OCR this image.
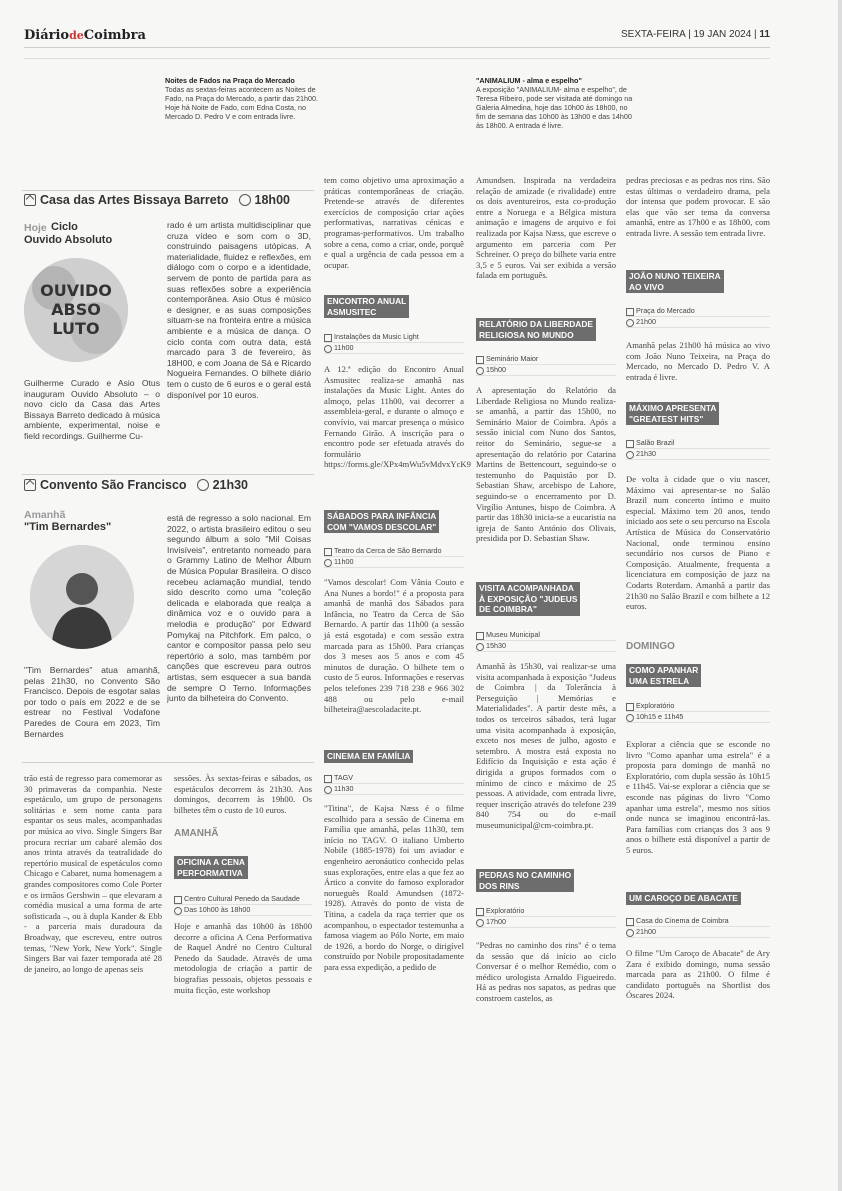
DiáriodeCoimbra	SEXTA-FEIRA | 19 JAN 2024 | 11
Noites de Fados na Praça do Mercado
Todas as sextas-feiras acontecem as Noites de Fado, na Praça do Mercado, a partir das 21h00. Hoje há Noite de Fado, com Edna Costa, no Mercado D. Pedro V e com entrada livre.
"ANIMALIUM - alma e espelho"
A exposição "ANIMALIUM- alma e espelho", de Teresa Ribeiro, pode ser visitada até domingo na Galeria Almedina, hoje das 10h00 às 18h00, no fim de semana das 10h00 às 13h00 e das 14h00 às 18h00. A entrada é livre.
Casa das Artes Bissaya Barreto 18h00
Hoje Ciclo
Ouvido Absoluto
OUVIDO
ABSO
LUTO
Guilherme Curado e Asio Otus inauguram Ouvido Absoluto – o novo ciclo da Casa das Artes Bissaya Barreto dedicado à música ambiente, experimental, noise e field recordings. Guilherme Cu-
rado é um artista multidisciplinar que cruza vídeo e som com o 3D, construindo paisagens utópicas. A materialidade, fluidez e reflexões, em diálogo com o corpo e a identidade, servem de ponto de partida para as suas reflexões sobre a experiência contemporânea. Asio Otus é músico e designer, e as suas composições situam-se na fronteira entre a música ambiente e a música de dança. O ciclo conta com outra data, está marcado para 3 de fevereiro, às 18H00, e com Joana de Sá e Ricardo Nogueira Fernandes. O bilhete diário tem o custo de 6 euros e o geral está disponível por 10 euros.
Convento São Francisco 21h30
Amanhã
"Tim Bernardes"
"Tim Bernardes" atua amanhã, pelas 21h30, no Convento São Francisco. Depois de esgotar salas por todo o país em 2022 e de se estrear no Festival Vodafone Paredes de Coura em 2023, Tim Bernardes
está de regresso a solo nacional. Em 2022, o artista brasileiro editou o seu segundo álbum a solo "Mil Coisas Invisíveis", entretanto nomeado para o Grammy Latino de Melhor Álbum de Música Popular Brasileira. O disco recebeu aclamação mundial, tendo sido descrito como uma "coleção delicada e elaborada que realça a dinâmica voz e o ouvido para a melodia e produção" por Edward Pomykaj na Pitchfork. Em palco, o cantor e compositor passa pelo seu repertório a solo, mas também por canções que escreveu para outros artistas, sem esquecer a sua banda de sempre O Terno. Informações junto da bilheteira do Convento.
trão está de regresso para comemorar as 30 primaveras da companhia. Neste espetáculo, um grupo de personagens solitárias e sem nome canta para espantar os seus males, acompanhadas por música ao vivo. Single Singers Bar procura recriar um cabaré alemão dos anos trinta através da teatralidade do repertório musical de espetáculos como Chicago e Cabaret, numa homenagem a grandes compositores como Cole Porter e os irmãos Gershwin – que elevaram a comédia musical a uma forma de arte sofisticada –, ou à dupla Kander & Ebb - a parceria mais duradoura da Broadway, que escreveu, entre outros temas, "New York, New York". Single Singers Bar vai fazer temporada até 28 de janeiro, ao longo de apenas seis
sessões. Às sextas-feiras e sábados, os espetáculos decorrem às 21h30. Aos domingos, decorrem às 19h00. Os bilhetes têm o custo de 10 euros.
AMANHÃ
OFICINA A CENA
PERFORMATIVA
Centro Cultural Penedo da Saudade
Das 10h00 às 18h00
Hoje e amanhã das 10h00 às 18h00 decorre a oficina A Cena Performativa de Raquel André no Centro Cultural Penedo da Saudade. Através de uma metodologia de criação a partir de biografias pessoais, objetos pessoais e muita ficção, este workshop
tem como objetivo uma aproximação a práticas contemporâneas de criação. Pretende-se através de diferentes exercícios de composição criar ações performativas, narrativas cénicas e programas-performativos. Um trabalho sobre a cena, como a criar, onde, porquê e qual a urgência de cada pessoa em a ocupar.
ENCONTRO ANUAL
ASMUSITEC
Instalações da Music Light
11h00
A 12.ª edição do Encontro Anual Asmusitec realiza-se amanhã nas instalações da Music Light. Antes do almoço, pelas 11h00, vai decorrer a assembleia-geral, e durante o almoço e convívio, vai marcar presença o músico Fernando Girão. A inscrição para o encontro pode ser efetuada através do formulário https://forms.gle/XPx4mWu5vMdvxYcK9
SÁBADOS PARA INFÂNCIA
COM "VAMOS DESCOLAR"
Teatro da Cerca de São Bernardo
11h00
"Vamos descolar! Com Vânia Couto e Ana Nunes a bordo!" é a proposta para amanhã de manhã dos Sábados para Infância, no Teatro da Cerca de São Bernardo. A partir das 11h00 (a sessão já está esgotada) e com sessão extra marcada para as 15h00. Para crianças dos 3 meses aos 5 anos e com 45 minutos de duração. O bilhete tem o custo de 5 euros. Informações e reservas pelos telefones 239 718 238 e 966 302 488 ou pelo e-mail bilheteira@aescoladacite.pt.
CINEMA EM FAMÍLIA
TAGV
11h30
"Titina", de Kajsa Næss é o filme escolhido para a sessão de Cinema em Família que amanhã, pelas 11h30, tem início no TAGV. O italiano Umberto Nobile (1885-1978) foi um aviador e engenheiro aeronáutico conhecido pelas suas explorações, entre elas a que fez ao Ártico a convite do famoso explorador norueguês Roald Amundsen (1872-1928). Através do ponto de vista de Titina, a cadela da raça terrier que os acompanhou, o espectador testemunha a famosa viagem ao Pólo Norte, em maio de 1926, a bordo do Norge, o dirigível construído por Nobile propositadamente para essa expedição, a pedido de
Amundsen. Inspirada na verdadeira relação de amizade (e rivalidade) entre os dois aventureiros, esta co-produção entre a Noruega e a Bélgica mistura animação e imagens de arquivo e foi realizada por Kajsa Næss, que escreve o argumento em parceria com Per Schreiner. O preço do bilhete varia entre 3,5 e 5 euros. Vai ser exibida a versão falada em português.
RELATÓRIO DA LIBERDADE
RELIGIOSA NO MUNDO
Seminário Maior
15h00
A apresentação do Relatório da Liberdade Religiosa no Mundo realiza-se amanhã, a partir das 15h00, no Seminário Maior de Coimbra. Após a sessão inicial com Nuno dos Santos, reitor do Seminário, segue-se a apresentação do relatório por Catarina Martins de Bettencourt, seguindo-se o testemunho do Paquistão por D. Sebastian Shaw, arcebispo de Lahore, seguindo-se o encerramento por D. Virgílio Antunes, bispo de Coimbra. A partir das 18h30 inicia-se a eucaristia na igreja de Santo António dos Olivais, presidida por D. Sebastian Shaw.
VISITA ACOMPANHADA
À EXPOSIÇÃO "JUDEUS
DE COIMBRA"
Museu Municipal
15h30
Amanhã às 15h30, vai realizar-se uma visita acompanhada à exposição "Judeus de Coimbra | da Tolerância à Perseguição | Memórias e Materialidades". A partir deste mês, a todos os terceiros sábados, terá lugar uma visita acompanhada à exposição, exceto nos meses de julho, agosto e setembro. A mostra está exposta no Edifício da Inquisição e esta ação é dirigida a grupos formados com o mínimo de cinco e máximo de 25 pessoas. A atividade, com entrada livre, requer inscrição através do telefone 239 840 754 ou do e-mail museumunicipal@cm-coimbra.pt.
PEDRAS NO CAMINHO
DOS RINS
Exploratório
17h00
"Pedras no caminho dos rins" é o tema da sessão que dá início ao ciclo Conversar é o melhor Remédio, com o médico urologista Arnaldo Figueiredo. Há as pedras nos sapatos, as pedras que constroem castelos, as
pedras preciosas e as pedras nos rins. São estas últimas o verdadeiro drama, pela dor intensa que podem provocar. E são elas que vão ser tema da conversa amanhã, entre as 17h00 e as 18h00, com entrada livre. A sessão tem entrada livre.
JOÃO NUNO TEIXEIRA
AO VIVO
Praça do Mercado
21h00
Amanhã pelas 21h00 há música ao vivo com João Nuno Teixeira, na Praça do Mercado, no Mercado D. Pedro V. A entrada é livre.
MÁXIMO APRESENTA
"GREATEST HITS"
Salão Brazil
21h30
De volta à cidade que o viu nascer, Máximo vai apresentar-se no Salão Brazil num concerto íntimo e muito especial. Máximo tem 20 anos, tendo iniciado aos sete o seu percurso na Escola Artística de Música do Conservatório Nacional, onde terminou ensino secundário nos cursos de Piano e Composição. Atualmente, frequenta a licenciatura em composição de jazz na Codarts Roterdam. Amanhã a partir das 21h30 no Salão Brazil e com bilhete a 12 euros.
DOMINGO
COMO APANHAR
UMA ESTRELA
Exploratório
10h15 e 11h45
Explorar a ciência que se esconde no livro "Como apanhar uma estrela" é a proposta para domingo de manhã no Exploratório, com dupla sessão às 10h15 e 11h45. Vai-se explorar a ciência que se esconde nas páginas do livro "Como apanhar uma estrela", mesmo nos sítios onde nunca se imaginou encontrá-las. Para famílias com crianças dos 3 aos 9 anos o bilhete está disponível a partir de 5 euros.
UM CAROÇO DE ABACATE
Casa do Cinema de Coimbra
21h00
O filme "Um Caroço de Abacate" de Ary Zara é exibido domingo, numa sessão marcada para as 21h00. O filme é candidato português na Shortlist dos Óscares 2024.
